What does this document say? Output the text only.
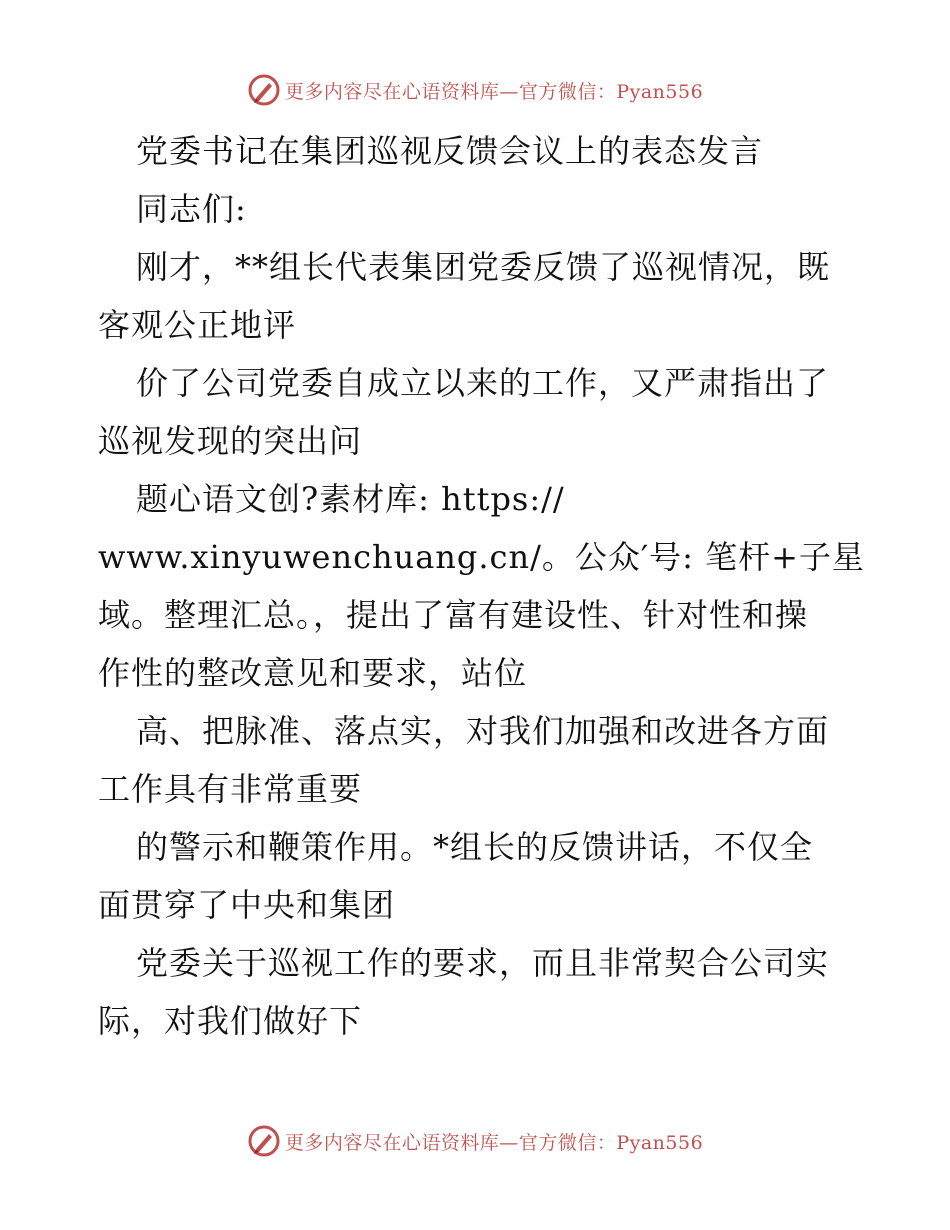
更多内容尽在心语资料库—官方微信：Pyan556
党委书记在集团巡视反馈会议上的表态发言
同志们:
刚才，**组长代表集团党委反馈了巡视情况，既
客观公正地评
价了公司党委自成立以来的工作，又严肃指出了
巡视发现的突出问
题心语文创?素材库: https://
www.xinyuwenchuang.cn/。公众′号: 笔杆+子星
域。整理汇总。，提出了富有建设性、针对性和操
作性的整改意见和要求，站位
高、把脉准、落点实，对我们加强和改进各方面
工作具有非常重要
的警示和鞭策作用。*组长的反馈讲话，不仅全
面贯穿了中央和集团
党委关于巡视工作的要求，而且非常契合公司实
际，对我们做好下
更多内容尽在心语资料库—官方微信：Pyan556
